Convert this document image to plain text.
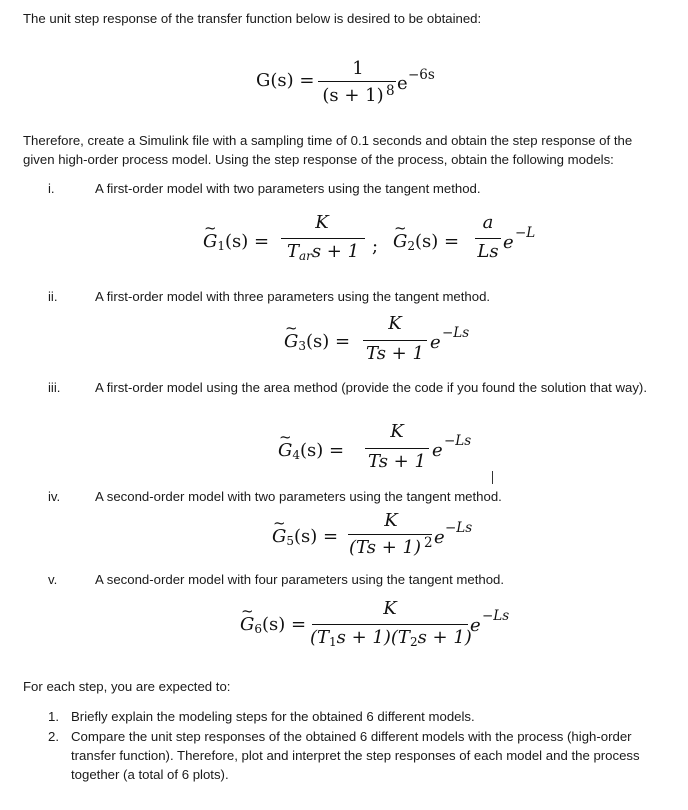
The unit step response of the transfer function below is desired to be obtained:
G(s) =
1
(s + 1) 8 e −6s
Therefore, create a Simulink file with a sampling time of 0.1 seconds and obtain the step response of the given high-order process model. Using the step response of the process, obtain the following models:
i.	A first-order model with two parameters using the tangent method.
~ $G_1(s)$ =
K
$T_{ar}s + 1$ ; ~ $G_2(s)$ =
a
Ls e −L
ii.	A first-order model with three parameters using the tangent method.
~ $G_3(s)$ =
K
Ts + 1
e −Ls
iii.	A first-order model using the area method (provide the code if you found the solution that way).
~ $G_4(s)$ =
K
Ts + 1
e −Ls
iv.	A second-order model with two parameters using the tangent method.
~ $G_5(s)$ =
K
(Ts + 1) 2 e −Ls
v.	A second-order model with four parameters using the tangent method.
~ $G_6(s)$ =
K
$(T_1s + 1)(T_2s + 1)$
e −Ls
For each step, you are expected to:
1. Briefly explain the modeling steps for the obtained 6 different models.
2. Compare the unit step responses of the obtained 6 different models with the process (high-order transfer function). Therefore, plot and interpret the step responses of each model and the process together (a total of 6 plots).
